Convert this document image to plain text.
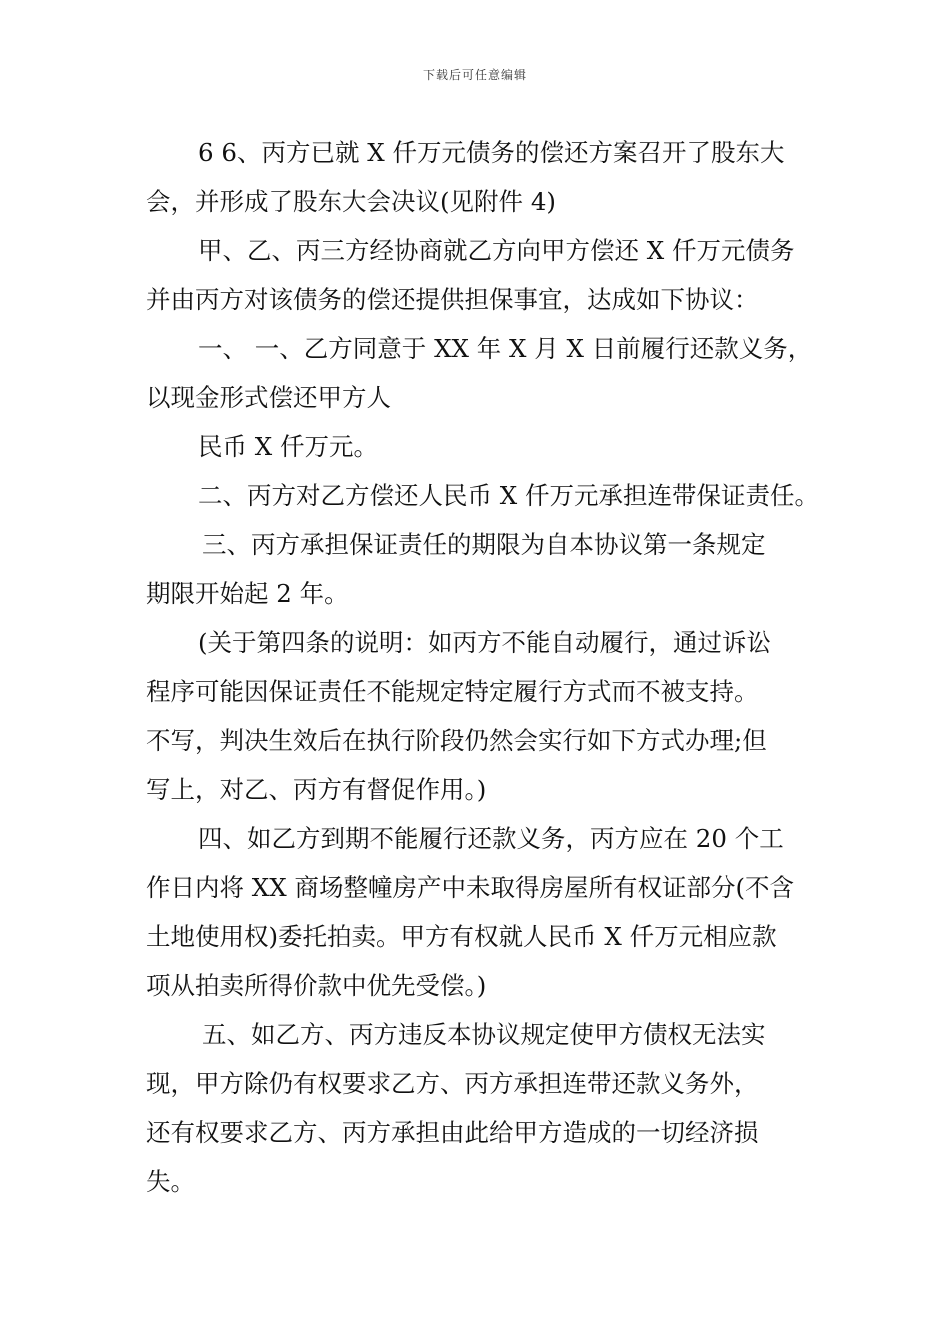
下载后可任意编辑
6 6、丙方已就 X 仟万元债务的偿还方案召开了股东大
会，并形成了股东大会决议(见附件 4)
甲、乙、丙三方经协商就乙方向甲方偿还 X 仟万元债务
并由丙方对该债务的偿还提供担保事宜，达成如下协议：
一、 一、乙方同意于 XX 年 X 月 X 日前履行还款义务，
以现金形式偿还甲方人
民币 X 仟万元。
二、丙方对乙方偿还人民币 X 仟万元承担连带保证责任。
三、丙方承担保证责任的期限为自本协议第一条规定
期限开始起 2 年。
(关于第四条的说明：如丙方不能自动履行，通过诉讼
程序可能因保证责任不能规定特定履行方式而不被支持。
不写，判决生效后在执行阶段仍然会实行如下方式办理;但
写上，对乙、丙方有督促作用。)
四、如乙方到期不能履行还款义务，丙方应在 20 个工
作日内将 XX 商场整幢房产中未取得房屋所有权证部分(不含
土地使用权)委托拍卖。甲方有权就人民币 X 仟万元相应款
项从拍卖所得价款中优先受偿。)
五、如乙方、丙方违反本协议规定使甲方债权无法实
现，甲方除仍有权要求乙方、丙方承担连带还款义务外，
还有权要求乙方、丙方承担由此给甲方造成的一切经济损
失。
